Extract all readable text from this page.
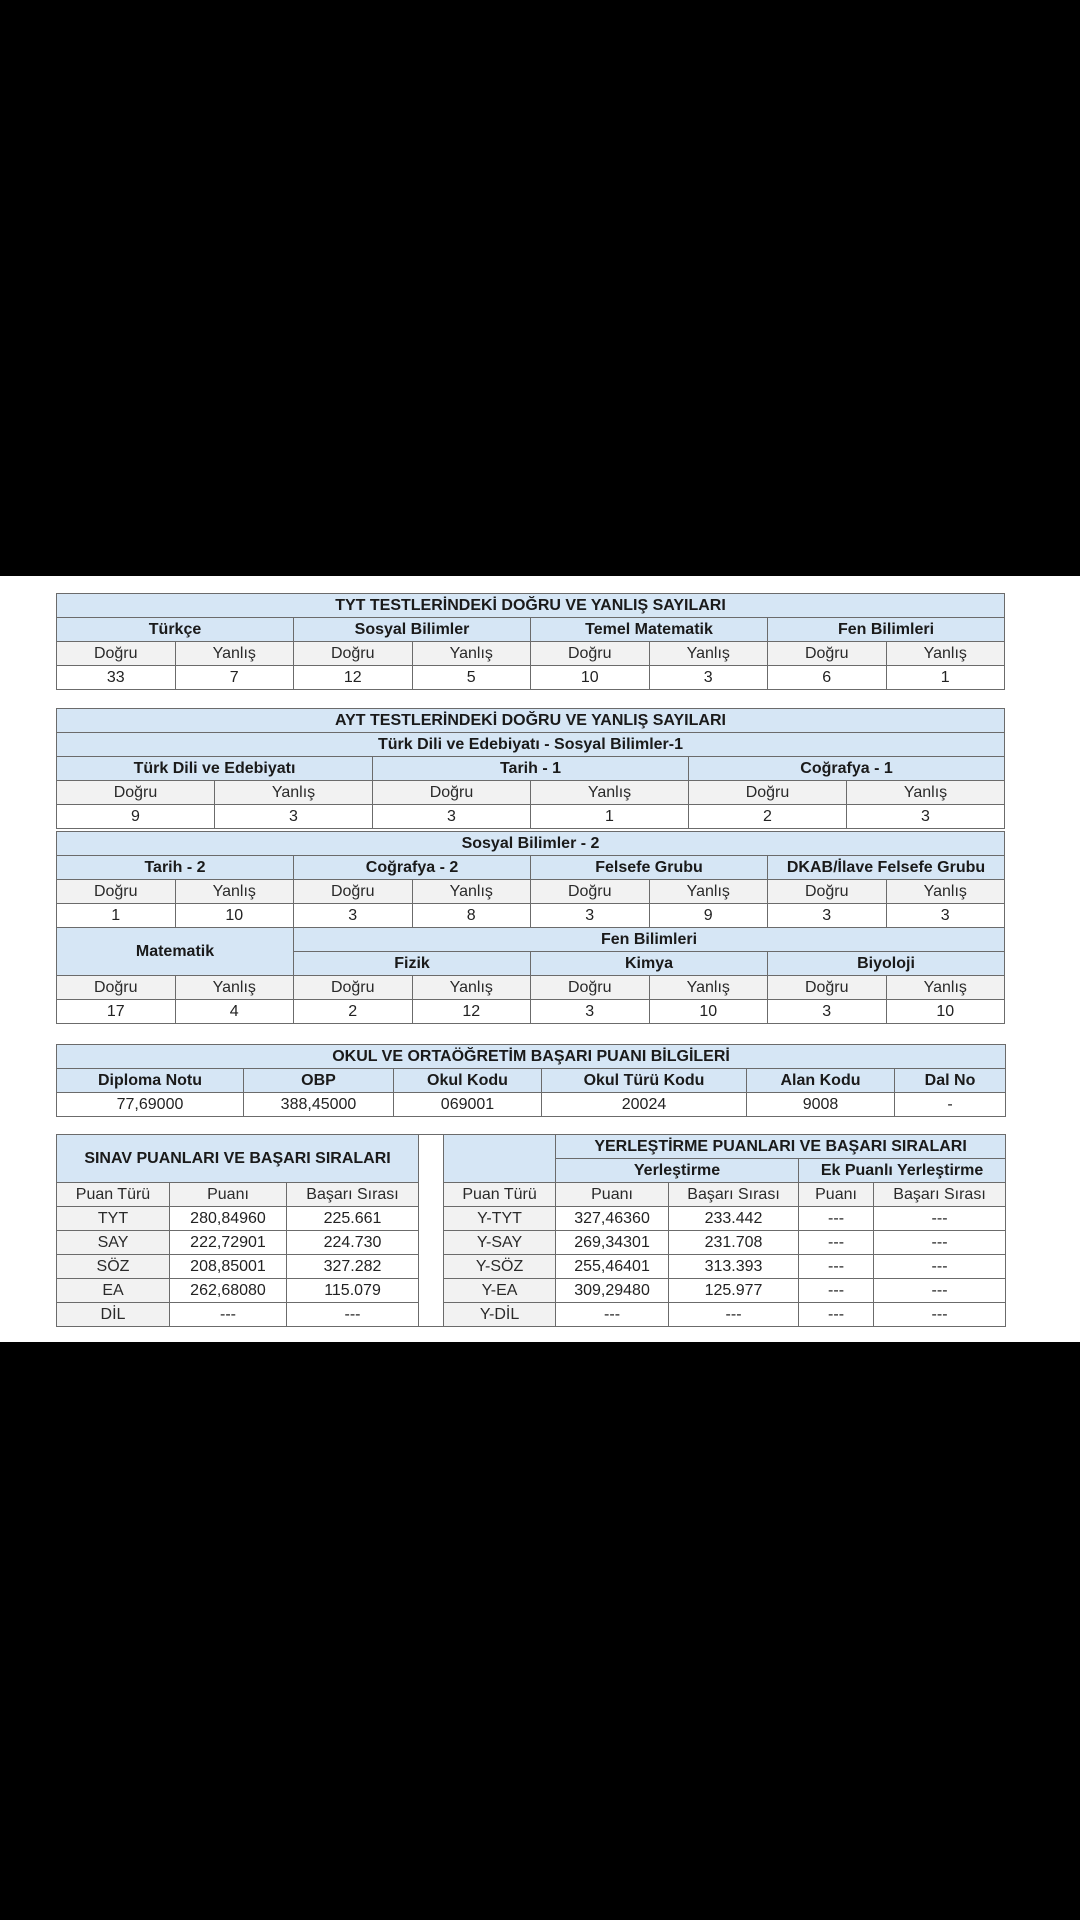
TYT TESTLERİNDEKİ DOĞRU VE YANLIŞ SAYILARI							
Türkçe		Sosyal Bilimler		Temel Matematik		Fen Bilimleri	
Doğru	Yanlış	Doğru	Yanlış	Doğru	Yanlış	Doğru	Yanlış
33	7	12	5	10	3	6	1
AYT TESTLERİNDEKİ DOĞRU VE YANLIŞ SAYILARI					
Türk Dili ve Edebiyatı - Sosyal Bilimler-1					
Türk Dili ve Edebiyatı		Tarih - 1		Coğrafya - 1	
Doğru	Yanlış	Doğru	Yanlış	Doğru	Yanlış
9	3	3	1	2	3
Sosyal Bilimler - 2							
Tarih - 2		Coğrafya - 2		Felsefe Grubu		DKAB/İlave Felsefe Grubu	
Doğru	Yanlış	Doğru	Yanlış	Doğru	Yanlış	Doğru	Yanlış
1	10	3	8	3	9	3	3
Matematik		Fen Bilimleri					
		Fizik		Kimya		Biyoloji	
Doğru	Yanlış	Doğru	Yanlış	Doğru	Yanlış	Doğru	Yanlış
17	4	2	12	3	10	3	10
OKUL VE ORTAÖĞRETİM BAŞARI PUANI BİLGİLERİ					
Diploma Notu	OBP	Okul Kodu	Okul Türü Kodu	Alan Kodu	Dal No
77,69000	388,45000	069001	20024	9008	-
SINAV PUANLARI VE BAŞARI SIRALARI					YERLEŞTİRME PUANLARI VE BAŞARI SIRALARI			
					Yerleştirme		Ek Puanlı Yerleştirme	
Puan Türü	Puanı	Başarı Sırası		Puan Türü	Puanı	Başarı Sırası	Puanı	Başarı Sırası
TYT	280,84960	225.661		Y-TYT	327,46360	233.442	---	---
SAY	222,72901	224.730		Y-SAY	269,34301	231.708	---	---
SÖZ	208,85001	327.282		Y-SÖZ	255,46401	313.393	---	---
EA	262,68080	115.079		Y-EA	309,29480	125.977	---	---
DİL	---	---		Y-DİL	---	---	---	---
